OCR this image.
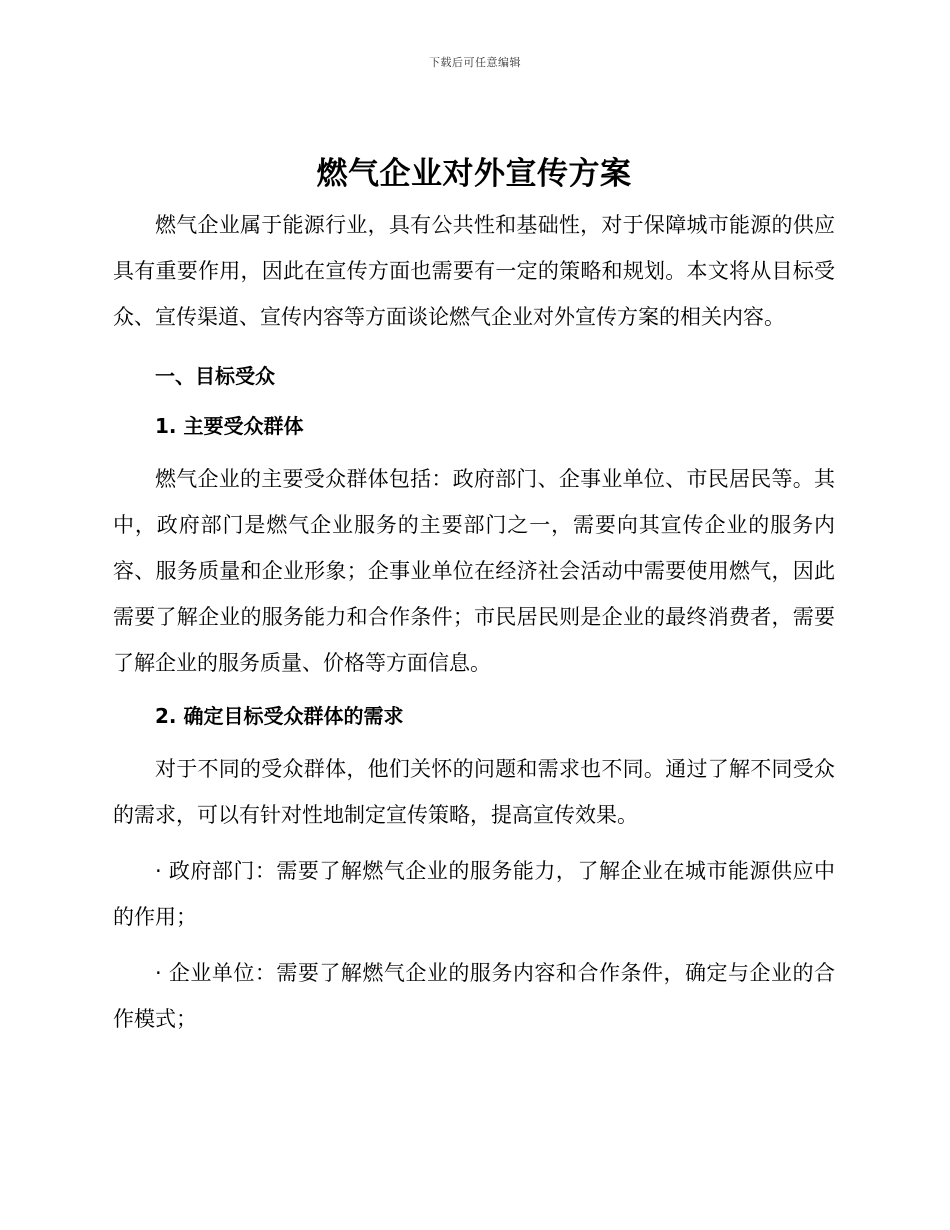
下载后可任意编辑
燃气企业对外宣传方案

燃气企业属于能源行业，具有公共性和基础性，对于保障城市能源的供应具有重要作用，因此在宣传方面也需要有一定的策略和规划。本文将从目标受众、宣传渠道、宣传内容等方面谈论燃气企业对外宣传方案的相关内容。

一、目标受众
1. 主要受众群体

燃气企业的主要受众群体包括：政府部门、企事业单位、市民居民等。其中，政府部门是燃气企业服务的主要部门之一，需要向其宣传企业的服务内容、服务质量和企业形象；企事业单位在经济社会活动中需要使用燃气，因此需要了解企业的服务能力和合作条件；市民居民则是企业的最终消费者，需要了解企业的服务质量、价格等方面信息。

2. 确定目标受众群体的需求

对于不同的受众群体，他们关怀的问题和需求也不同。通过了解不同受众的需求，可以有针对性地制定宣传策略，提高宣传效果。

· 政府部门：需要了解燃气企业的服务能力，了解企业在城市能源供应中的作用；

· 企业单位：需要了解燃气企业的服务内容和合作条件，确定与企业的合作模式；
